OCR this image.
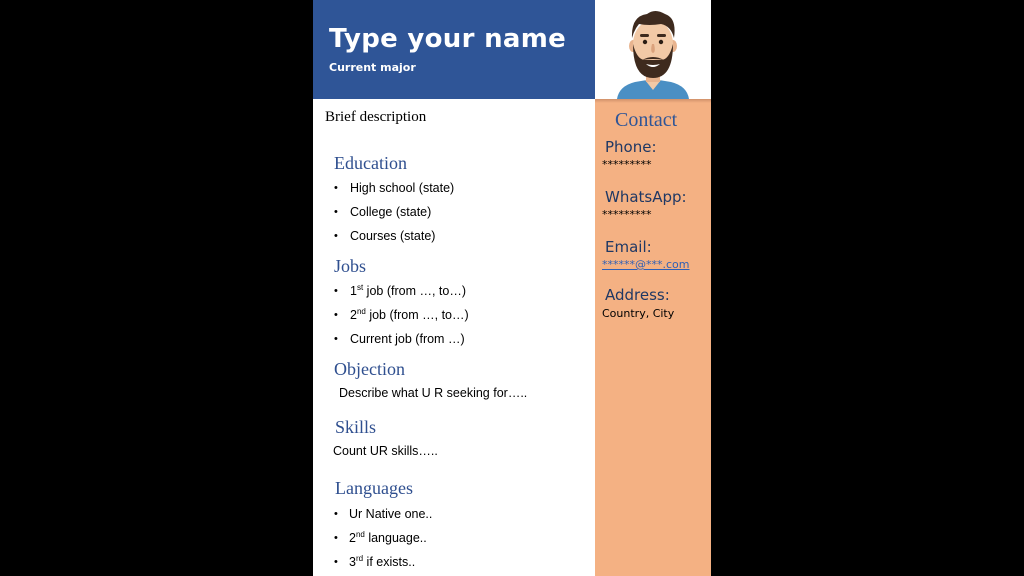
Type your name
Current major
Contact
Phone:
*********
WhatsApp:
*********
Email:
******@***.com
Address:
Country, City
Brief description
Education
• High school (state)
• College (state)
• Courses (state)
Jobs
• 1st job (from …, to…)
• 2nd job (from …, to…)
• Current job (from …)
Objection
Describe what U R seeking for…..
Skills
Count UR skills…..
Languages
• Ur Native one..
• 2nd language..
• 3rd if exists..
